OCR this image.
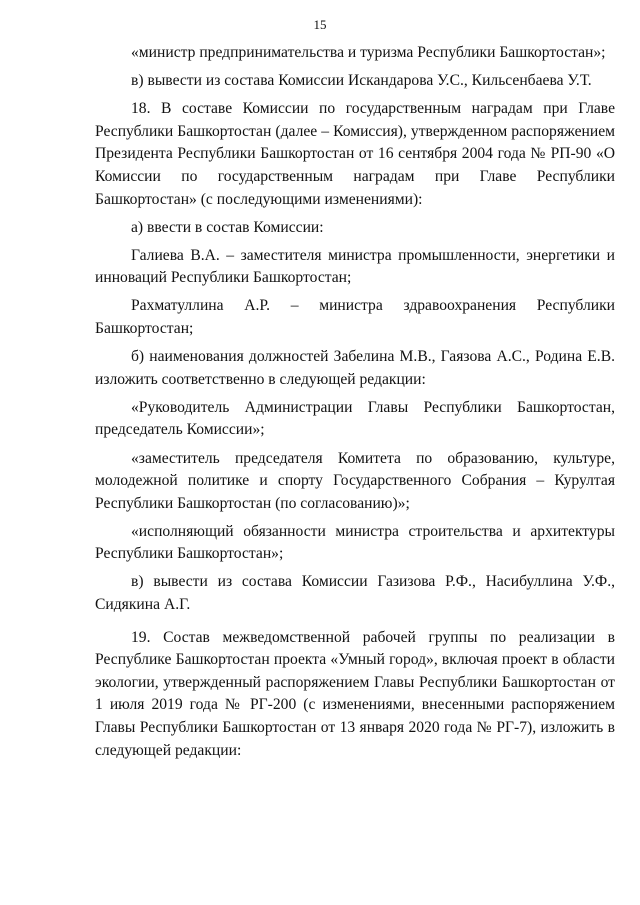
15

«министр предпринимательства и туризма Республики Башкортостан»;

в) вывести из состава Комиссии Искандарова У.С., Кильсенбаева У.Т.

18. В составе Комиссии по государственным наградам при Главе Республики Башкортостан (далее – Комиссия), утвержденном распоряжением Президента Республики Башкортостан от 16 сентября 2004 года № РП-90 «О Комиссии по государственным наградам при Главе Республики Башкортостан» (с последующими изменениями):

а) ввести в состав Комиссии:

Галиева В.А. – заместителя министра промышленности, энергетики и инноваций Республики Башкортостан;

Рахматуллина А.Р. – министра здравоохранения Республики Башкортостан;

б) наименования должностей Забелина М.В., Гаязова А.С., Родина Е.В. изложить соответственно в следующей редакции:

«Руководитель Администрации Главы Республики Башкортостан, председатель Комиссии»;

«заместитель председателя Комитета по образованию, культуре, молодежной политике и спорту Государственного Собрания – Курултая Республики Башкортостан (по согласованию)»;

«исполняющий обязанности министра строительства и архитектуры Республики Башкортостан»;

в) вывести из состава Комиссии Газизова Р.Ф., Насибуллина У.Ф., Сидякина А.Г.

19. Состав межведомственной рабочей группы по реализации в Республике Башкортостан проекта «Умный город», включая проект в области экологии, утвержденный распоряжением Главы Республики Башкортостан от 1 июля 2019 года № РГ-200 (с изменениями, внесенными распоряжением Главы Республики Башкортостан от 13 января 2020 года № РГ-7), изложить в следующей редакции:
